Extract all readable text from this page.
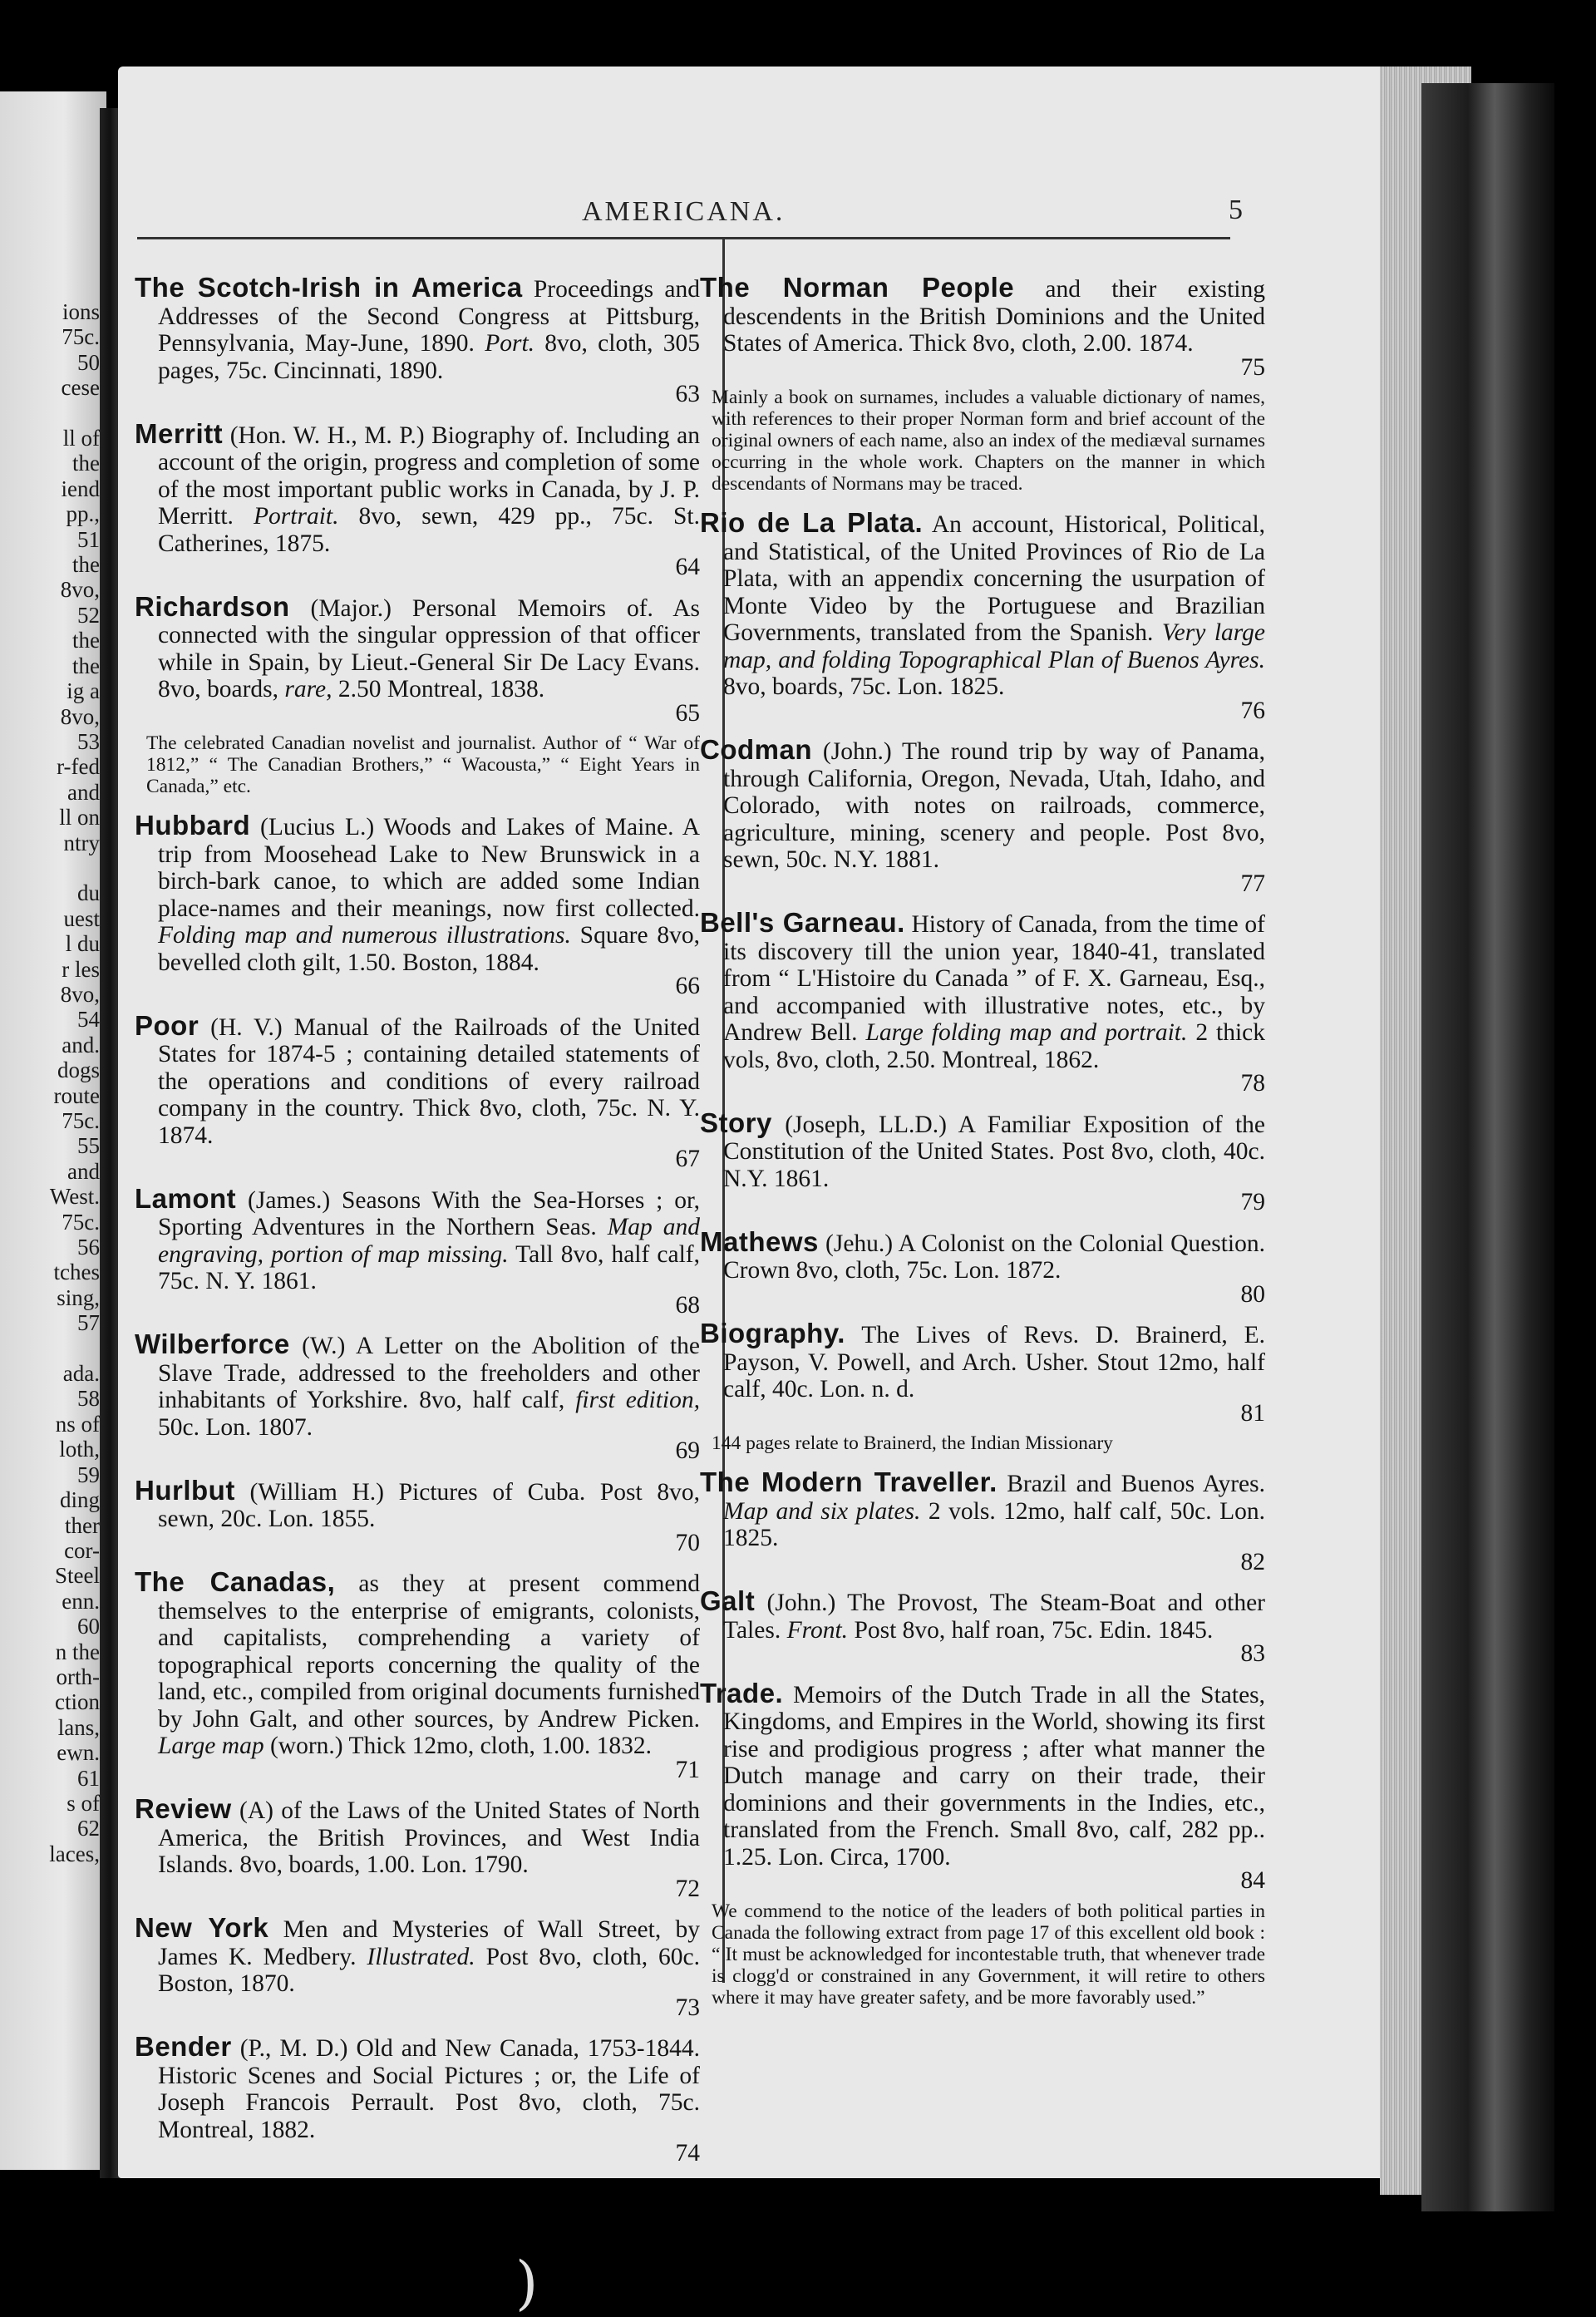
ions
75c.
50
cese

ll of
the
iend
pp.,
51
the
8vo,
52
the
the
ig a
8vo,
53
r-fed
and
ll on
ntry

du
uest
l du
r les
8vo,
54
and.
dogs
route
75c.
55
and
West.
75c.
56
tches
sing,
57

ada.
58
ns of
loth,
59
ding
ther
cor-
Steel
enn.
60
n the
orth-
ction
lans,
ewn.
61
s of
62
laces,
)
AMERICANA.	5
The Scotch-Irish in America Proceedings and Addresses of the Second Congress at Pittsburg, Pennsylvania, May-June, 1890. Port. 8vo, cloth, 305 pages, 75c. Cincinnati, 1890.
63
Merritt (Hon. W. H., M. P.) Biography of. Including an account of the origin, progress and completion of some of the most important public works in Canada, by J. P. Merritt. Portrait. 8vo, sewn, 429 pp., 75c. St. Catherines, 1875.
64
Richardson (Major.) Personal Memoirs of. As connected with the singular oppression of that officer while in Spain, by Lieut.-General Sir De Lacy Evans. 8vo, boards, rare, 2.50 Montreal, 1838.
65
The celebrated Canadian novelist and journalist. Author of “ War of 1812,” “ The Canadian Brothers,” “ Wacousta,” “ Eight Years in Canada,” etc.
Hubbard (Lucius L.) Woods and Lakes of Maine. A trip from Moosehead Lake to New Brunswick in a birch-bark canoe, to which are added some Indian place-names and their meanings, now first collected. Folding map and numerous illustrations. Square 8vo, bevelled cloth gilt, 1.50. Boston, 1884.
66
Poor (H. V.) Manual of the Railroads of the United States for 1874-5 ; containing detailed statements of the operations and conditions of every railroad company in the country. Thick 8vo, cloth, 75c. N. Y. 1874.
67
Lamont (James.) Seasons With the Sea-Horses ; or, Sporting Adventures in the Northern Seas. Map and engraving, portion of map missing. Tall 8vo, half calf, 75c. N. Y. 1861.
68
Wilberforce (W.) A Letter on the Abolition of the Slave Trade, addressed to the freeholders and other inhabitants of Yorkshire. 8vo, half calf, first edition, 50c. Lon. 1807.
69
Hurlbut (William H.) Pictures of Cuba. Post 8vo, sewn, 20c. Lon. 1855.
70
The Canadas, as they at present commend themselves to the enterprise of emigrants, colonists, and capitalists, comprehending a variety of topographical reports concerning the quality of the land, etc., compiled from original documents furnished by John Galt, and other sources, by Andrew Picken. Large map (worn.) Thick 12mo, cloth, 1.00. 1832.
71
Review (A) of the Laws of the United States of North America, the British Provinces, and West India Islands. 8vo, boards, 1.00. Lon. 1790.
72
New York Men and Mysteries of Wall Street, by James K. Medbery. Illustrated. Post 8vo, cloth, 60c. Boston, 1870.
73
Bender (P., M. D.) Old and New Canada, 1753-1844. Historic Scenes and Social Pictures ; or, the Life of Joseph Francois Perrault. Post 8vo, cloth, 75c. Montreal, 1882.
74
The Norman People and their existing descendents in the British Dominions and the United States of America. Thick 8vo, cloth, 2.00. 1874.
75
Mainly a book on surnames, includes a valuable dictionary of names, with references to their proper Norman form and brief account of the original owners of each name, also an index of the mediæval surnames occurring in the whole work. Chapters on the manner in which descendants of Normans may be traced.
Rio de La Plata. An account, Historical, Political, and Statistical, of the United Provinces of Rio de La Plata, with an appendix concerning the usurpation of Monte Video by the Portuguese and Brazilian Governments, translated from the Spanish. Very large map, and folding Topographical Plan of Buenos Ayres. 8vo, boards, 75c. Lon. 1825.
76
Codman (John.) The round trip by way of Panama, through California, Oregon, Nevada, Utah, Idaho, and Colorado, with notes on railroads, commerce, agriculture, mining, scenery and people. Post 8vo, sewn, 50c. N.Y. 1881.
77
Bell's Garneau. History of Canada, from the time of its discovery till the union year, 1840-41, translated from “ L'Histoire du Canada ” of F. X. Garneau, Esq., and accompanied with illustrative notes, etc., by Andrew Bell. Large folding map and portrait. 2 thick vols, 8vo, cloth, 2.50. Montreal, 1862.
78
Story (Joseph, LL.D.) A Familiar Exposition of the Constitution of the United States. Post 8vo, cloth, 40c. N.Y. 1861.
79
Mathews (Jehu.) A Colonist on the Colonial Question. Crown 8vo, cloth, 75c. Lon. 1872.
80
Biography. The Lives of Revs. D. Brainerd, E. Payson, V. Powell, and Arch. Usher. Stout 12mo, half calf, 40c. Lon. n. d.
81
144 pages relate to Brainerd, the Indian Missionary
The Modern Traveller. Brazil and Buenos Ayres. Map and six plates. 2 vols. 12mo, half calf, 50c. Lon. 1825.
82
Galt (John.) The Provost, The Steam-Boat and other Tales. Front. Post 8vo, half roan, 75c. Edin. 1845.
83
Trade. Memoirs of the Dutch Trade in all the States, Kingdoms, and Empires in the World, showing its first rise and prodigious progress ; after what manner the Dutch manage and carry on their trade, their dominions and their governments in the Indies, etc., translated from the French. Small 8vo, calf, 282 pp.. 1.25. Lon. Circa, 1700.
84
We commend to the notice of the leaders of both political parties in Canada the following extract from page 17 of this excellent old book : “ It must be acknowledged for incontestable truth, that whenever trade is clogg'd or constrained in any Government, it will retire to others where it may have greater safety, and be more favorably used.”
